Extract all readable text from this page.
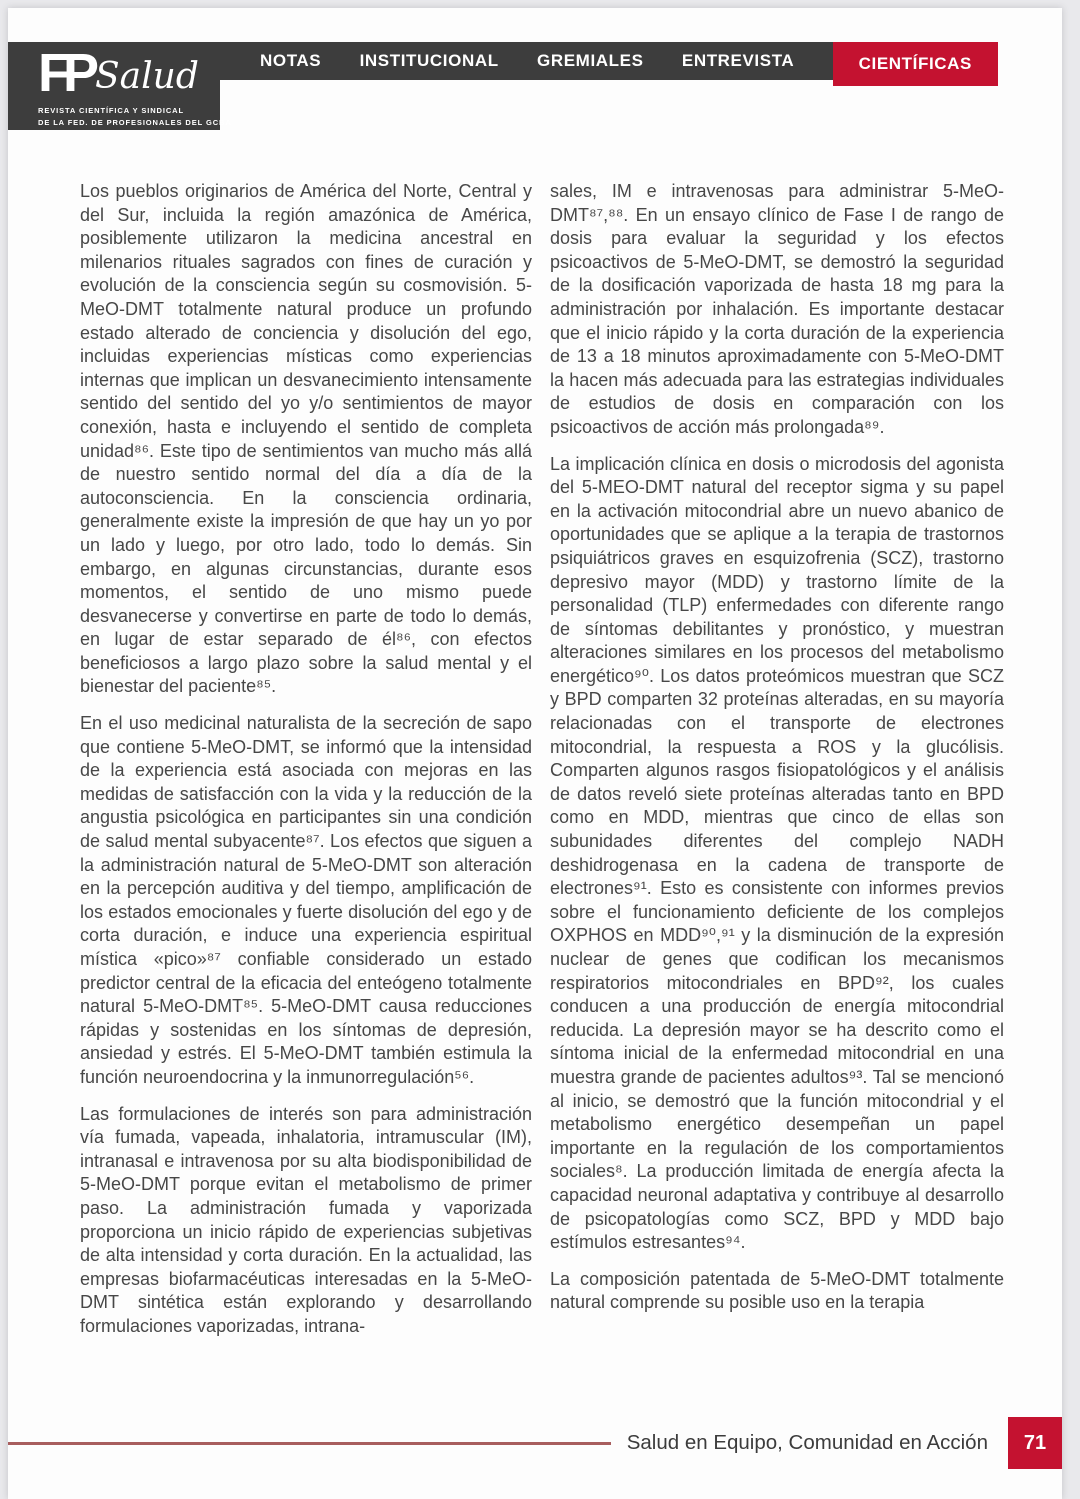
NOTAS INSTITUCIONAL GREMIALES ENTREVISTA	CIENTÍFICAS
FP Salud
REVISTA CIENTÍFICA Y SINDICAL
DE LA FED. DE PROFESIONALES DEL GCBA

Los pueblos originarios de América del Norte, Central y del Sur, incluida la región amazónica de América, posiblemente utilizaron la medicina ancestral en milenarios rituales sagrados con fines de curación y evolución de la consciencia según su cosmovisión. 5-MeO-DMT totalmente natural produce un profundo estado alterado de conciencia y disolución del ego, incluidas experiencias místicas como experiencias internas que implican un desvanecimiento intensamente sentido del sentido del yo y/o sentimientos de mayor conexión, hasta e incluyendo el sentido de completa unidad⁸⁶. Este tipo de sentimientos van mucho más allá de nuestro sentido normal del día a día de la autoconsciencia. En la consciencia ordinaria, generalmente existe la impresión de que hay un yo por un lado y luego, por otro lado, todo lo demás. Sin embargo, en algunas circunstancias, durante esos momentos, el sentido de uno mismo puede desvanecerse y convertirse en parte de todo lo demás, en lugar de estar separado de él⁸⁶, con efectos beneficiosos a largo plazo sobre la salud mental y el bienestar del paciente⁸⁵.

En el uso medicinal naturalista de la secreción de sapo que contiene 5-MeO-DMT, se informó que la intensidad de la experiencia está asociada con mejoras en las medidas de satisfacción con la vida y la reducción de la angustia psicológica en participantes sin una condición de salud mental subyacente⁸⁷. Los efectos que siguen a la administración natural de 5-MeO-DMT son alteración en la percepción auditiva y del tiempo, amplificación de los estados emocionales y fuerte disolución del ego y de corta duración, e induce una experiencia espiritual mística «pico»⁸⁷ confiable considerado un estado predictor central de la eficacia del enteógeno totalmente natural 5-MeO-DMT⁸⁵. 5-MeO-DMT causa reducciones rápidas y sostenidas en los síntomas de depresión, ansiedad y estrés. El 5-MeO-DMT también estimula la función neuroendocrina y la inmunorregulación⁵⁶.

Las formulaciones de interés son para administración vía fumada, vapeada, inhalatoria, intramuscular (IM), intranasal e intravenosa por su alta biodisponibilidad de 5-MeO-DMT porque evitan el metabolismo de primer paso. La administración fumada y vaporizada proporciona un inicio rápido de experiencias subjetivas de alta intensidad y corta duración. En la actualidad, las empresas biofarmacéuticas interesadas en la 5-MeO-DMT sintética están explorando y desarrollando formulaciones vaporizadas, intrana-

sales, IM e intravenosas para administrar 5-MeO-DMT⁸⁷,⁸⁸. En un ensayo clínico de Fase I de rango de dosis para evaluar la seguridad y los efectos psicoactivos de 5-MeO-DMT, se demostró la seguridad de la dosificación vaporizada de hasta 18 mg para la administración por inhalación. Es importante destacar que el inicio rápido y la corta duración de la experiencia de 13 a 18 minutos aproximadamente con 5-MeO-DMT la hacen más adecuada para las estrategias individuales de estudios de dosis en comparación con los psicoactivos de acción más prolongada⁸⁹.

La implicación clínica en dosis o microdosis del agonista del 5-MEO-DMT natural del receptor sigma y su papel en la activación mitocondrial abre un nuevo abanico de oportunidades que se aplique a la terapia de trastornos psiquiátricos graves en esquizofrenia (SCZ), trastorno depresivo mayor (MDD) y trastorno límite de la personalidad (TLP) enfermedades con diferente rango de síntomas debilitantes y pronóstico, y muestran alteraciones similares en los procesos del metabolismo energético⁹⁰. Los datos proteómicos muestran que SCZ y BPD comparten 32 proteínas alteradas, en su mayoría relacionadas con el transporte de electrones mitocondrial, la respuesta a ROS y la glucólisis. Comparten algunos rasgos fisiopatológicos y el análisis de datos reveló siete proteínas alteradas tanto en BPD como en MDD, mientras que cinco de ellas son subunidades diferentes del complejo NADH deshidrogenasa en la cadena de transporte de electrones⁹¹. Esto es consistente con informes previos sobre el funcionamiento deficiente de los complejos OXPHOS en MDD⁹⁰,⁹¹ y la disminución de la expresión nuclear de genes que codifican los mecanismos respiratorios mitocondriales en BPD⁹², los cuales conducen a una producción de energía mitocondrial reducida. La depresión mayor se ha descrito como el síntoma inicial de la enfermedad mitocondrial en una muestra grande de pacientes adultos⁹³. Tal se mencionó al inicio, se demostró que la función mitocondrial y el metabolismo energético desempeñan un papel importante en la regulación de los comportamientos sociales⁸. La producción limitada de energía afecta la capacidad neuronal adaptativa y contribuye al desarrollo de psicopatologías como SCZ, BPD y MDD bajo estímulos estresantes⁹⁴.

La composición patentada de 5-MeO-DMT totalmente natural comprende su posible uso en la terapia

Salud en Equipo, Comunidad en Acción	71
